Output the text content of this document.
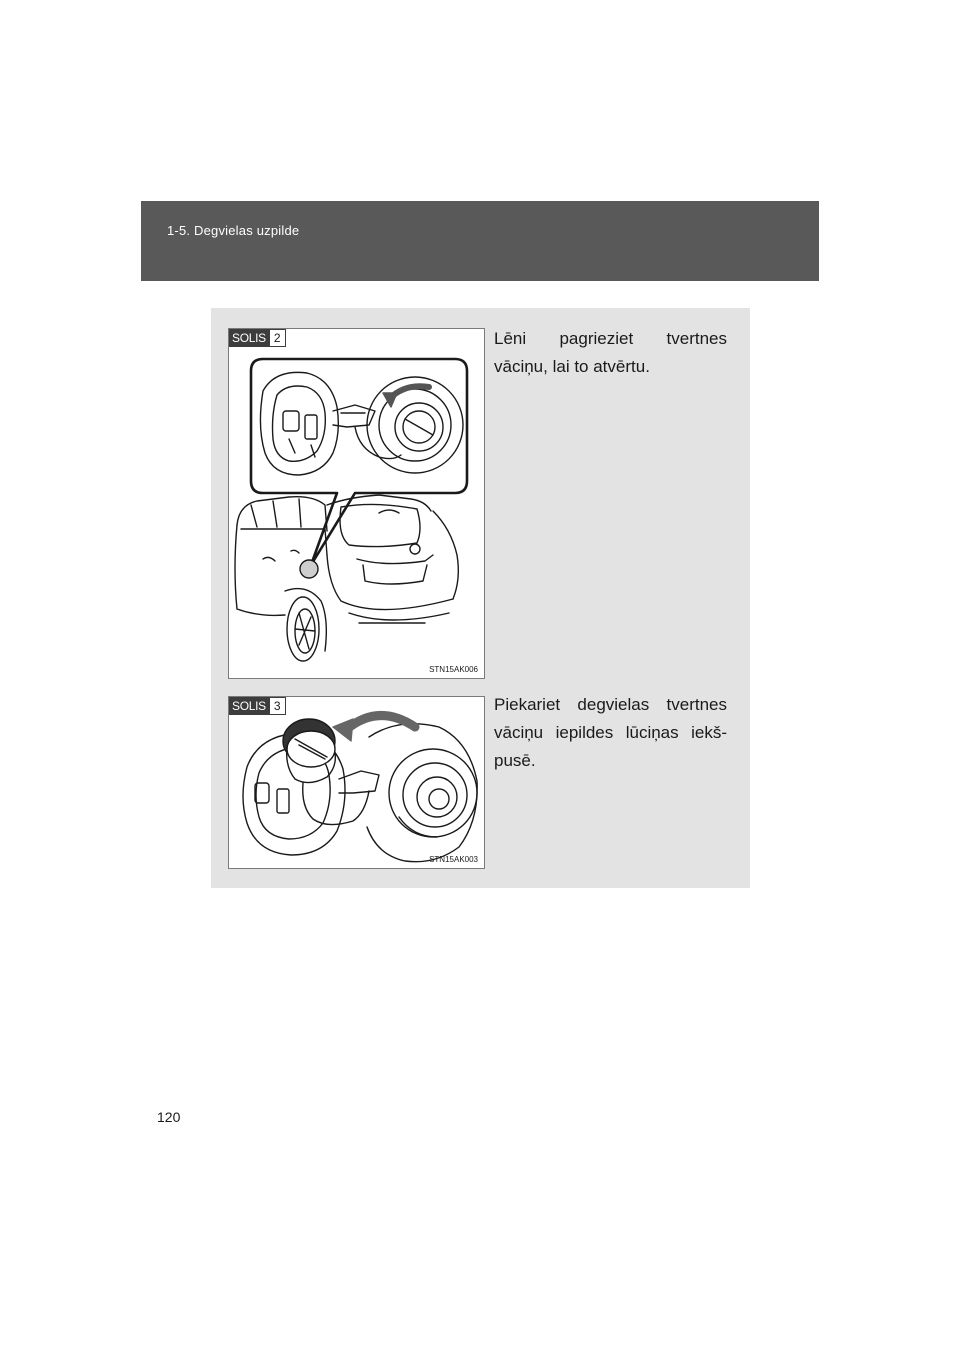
1-5. Degvielas uzpilde
SOLIS 2
STN15AK006

Lēni pagrieziet tvertnes vāciņu, lai to atvērtu.

SOLIS 3
STN15AK003

Piekariet degvielas tvertnes vāciņu iepildes lūciņas iekš-pusē.

120
